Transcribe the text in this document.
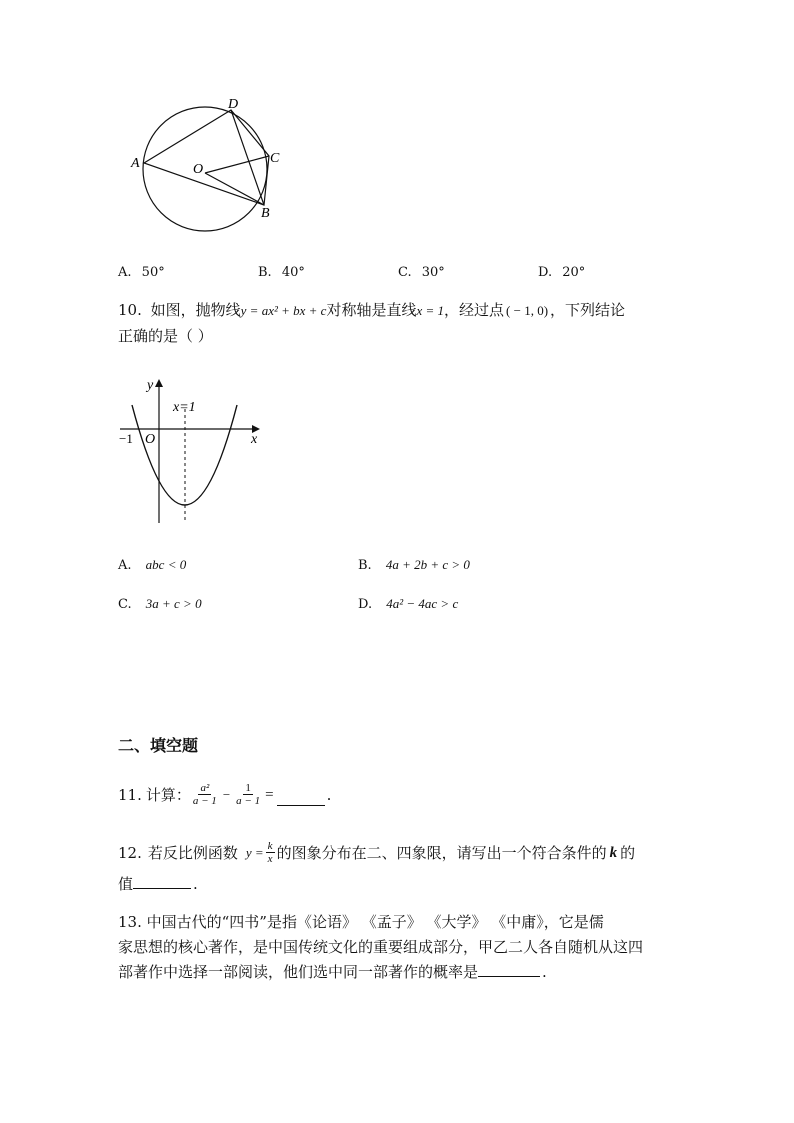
A
D
C
B
O
A. 50°	B. 40°	C. 30°	D. 20°
10. 如图，抛物线y = ax² + bx + c对称轴是直线x = 1，经过点 ( − 1, 0) ，下列结论
正确的是（ ）
y
x
O
−1
x=1
A. abc < 0	B. 4a + 2b + c > 0
C. 3a + c > 0	D. 4a² − 4ac > c
二、填空题
11. 计算： $\frac{\text{a²}}{a - 1} - \frac{1}{a - 1}$ =	.
12. 若反比例函数 $y = \frac{k}{x}$ 的图象分布在二、四象限，请写出一个符合条件的 k 的
值	.
13. 中国古代的“四书”是指《论语》 《孟子》 《大学》 《中庸》，它是儒
家思想的核心著作，是中国传统文化的重要组成部分，甲乙二人各自随机从这四
部著作中选择一部阅读，他们选中同一部著作的概率是	.
